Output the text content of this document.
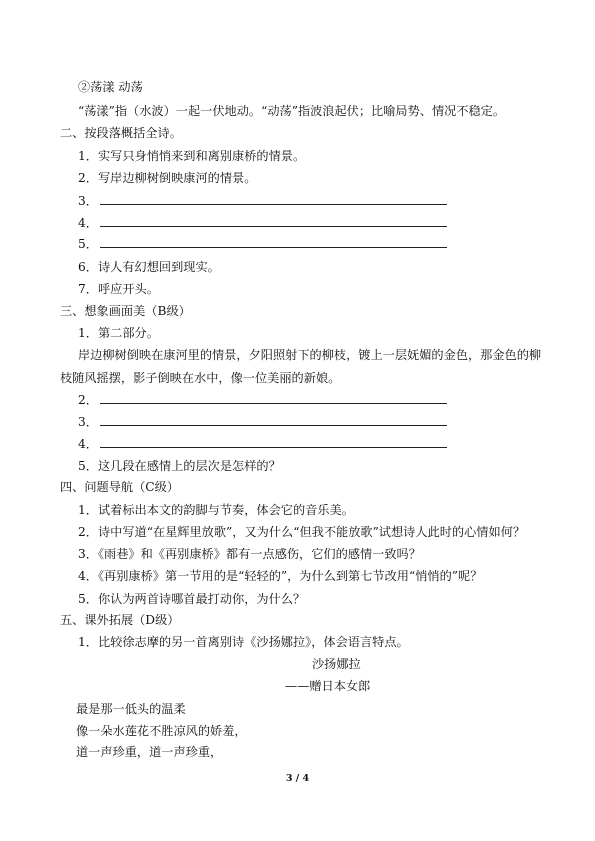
②荡漾 动荡
“荡漾”指（水波）一起一伏地动。“动荡”指波浪起伏；比喻局势、情况不稳定。
二、按段落概括全诗。
1．实写只身悄悄来到和离别康桥的情景。
2．写岸边柳树倒映康河的情景。
3．
4．
5．
6．诗人有幻想回到现实。
7．呼应开头。
三、想象画面美（B级）
1．第二部分。
岸边柳树倒映在康河里的情景，夕阳照射下的柳枝，镀上一层妩媚的金色，那金色的柳
枝随风摇摆，影子倒映在水中，像一位美丽的新娘。
2．
3．
4．
5．这几段在感情上的层次是怎样的？
四、问题导航（C级）
1．试着标出本文的韵脚与节奏，体会它的音乐美。
2．诗中写道“在星辉里放歌”，又为什么“但我不能放歌”试想诗人此时的心情如何？
3．《雨巷》和《再别康桥》都有一点感伤，它们的感情一致吗？
4．《再别康桥》第一节用的是“轻轻的”，为什么到第七节改用“悄悄的”呢？
5．你认为两首诗哪首最打动你，为什么？
五、课外拓展（D级）
1．比较徐志摩的另一首离别诗《沙扬娜拉》，体会语言特点。
沙扬娜拉
——赠日本女郎
最是那一低头的温柔
像一朵水莲花不胜凉风的娇羞，
道一声珍重，道一声珍重，
3 / 4
